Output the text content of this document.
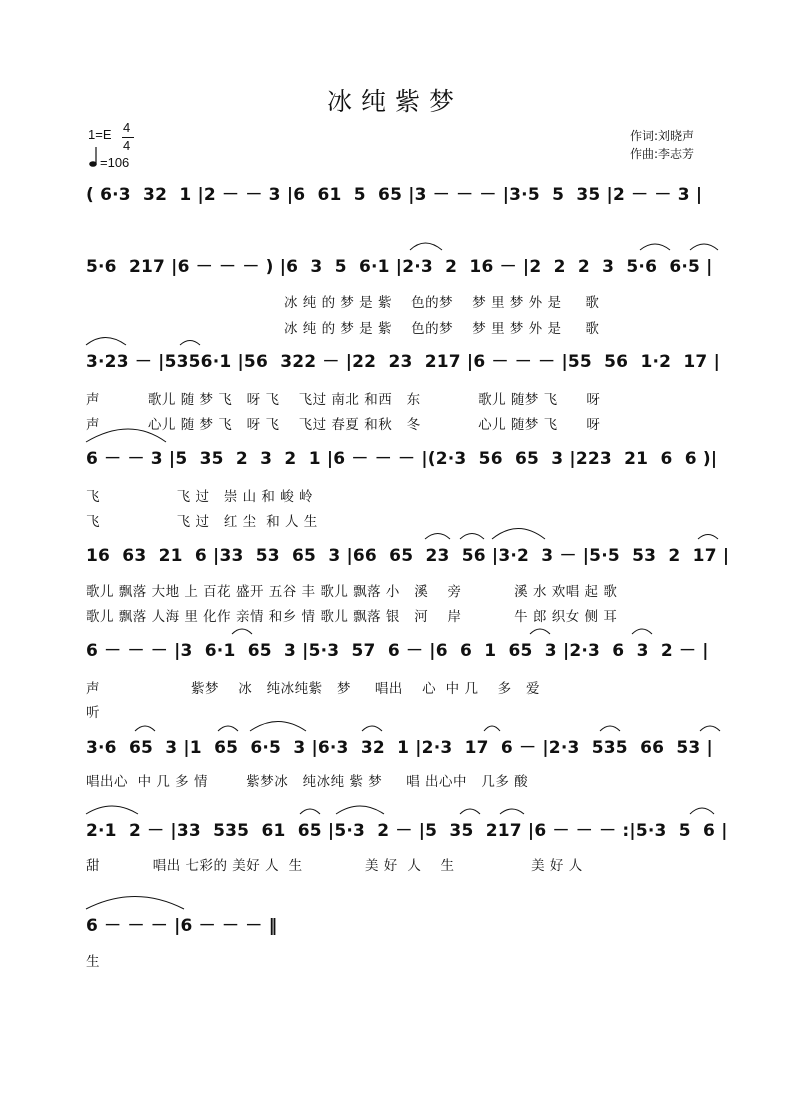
冰纯紫梦
1=E 4
4
=106
作词:刘晓声
作曲:李志芳
( 6·3  32  1 |2 － － 3 |6  61  5  65 |3 － － － |3·5  5  35 |2 － － 3 |
5·6  217 |6 － － － ) |6  3  5  6·1 |2·3  2  16 － |2  2  2  3  5·6  6·5 |
冰 纯 的 梦 是 紫    色的梦    梦 里 梦 外 是     歌
冰 纯 的 梦 是 紫    色的梦    梦 里 梦 外 是     歌
3·23 － |5356·1 |56  322 － |22  23  217 |6 － － － |55  56  1·2  17 |
声          歌儿 随 梦 飞   呀 飞    飞过 南北 和西   东            歌儿 随梦 飞      呀
声          心儿 随 梦 飞   呀 飞    飞过 春夏 和秋   冬            心儿 随梦 飞      呀
6 － － 3 |5  35  2  3  2  1 |6 － － － |(2·3  56  65  3 |223  21  6  6 )|
飞                飞 过   崇 山 和 峻 岭
飞                飞 过   红 尘  和 人 生
16  63  21  6 |33  53  65  3 |66  65  23  56 |3·2  3 － |5·5  53  2  17 |
歌儿 飘落 大地 上 百花 盛开 五谷 丰 歌儿 飘落 小   溪    旁           溪 水 欢唱 起 歌
歌儿 飘落 人海 里 化作 亲情 和乡 情 歌儿 飘落 银   河    岸           牛 郎 织女 侧 耳
6 － － － |3  6·1  65  3 |5·3  57  6 － |6  6  1  65  3 |2·3  6  3  2 － |
声                   紫梦    冰   纯冰纯紫   梦     唱出    心  中 几    多   爱
听
3·6  65  3 |1  65  6·5  3 |6·3  32  1 |2·3  17  6 － |2·3  535  66  53 |
唱出心  中 几 多 情        紫梦冰   纯冰纯 紫 梦     唱 出心中   几多 酸
2·1  2 － |33  535  61  65 |5·3  2 － |5  35  217 |6 － － － :|5·3  5  6 |
甜           唱出 七彩的 美好 人  生             美 好  人    生                美 好 人
6 － － － |6 － － － ‖
生
